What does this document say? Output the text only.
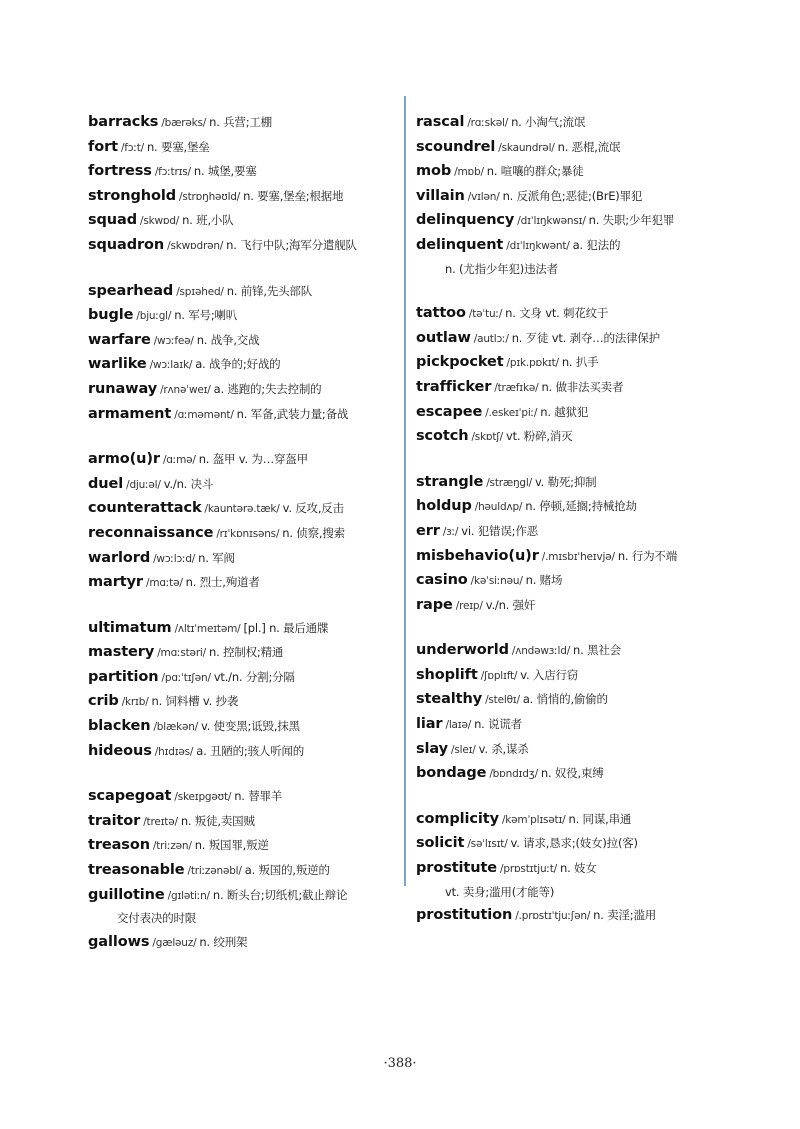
barracks /bærəks/ n. 兵营;工棚
fort /fɔːt/ n. 要塞,堡垒
fortress /fɔːtrɪs/ n. 城堡,要塞
stronghold /strɒŋhəʊld/ n. 要塞,堡垒;根据地
squad /skwɒd/ n. 班,小队
squadron /skwɒdrən/ n. 飞行中队;海军分遣舰队
spearhead /spɪəhed/ n. 前锋,先头部队
bugle /bjuːgl/ n. 军号;喇叭
warfare /wɔːfeə/ n. 战争,交战
warlike /wɔːlaɪk/ a. 战争的;好战的
runaway /rʌnəˈweɪ/ a. 逃跑的;失去控制的
armament /ɑːməmənt/ n. 军备,武装力量;备战
armo(u)r /ɑːmə/ n. 盔甲 v. 为…穿盔甲
duel /djuːəl/ v./n. 决斗
counterattack /kauntərə.tæk/ v. 反攻,反击
reconnaissance /rɪˈkɒnɪsəns/ n. 侦察,搜索
warlord /wɔːlɔːd/ n. 军阀
martyr /mɑːtə/ n. 烈士,殉道者
ultimatum /ʌltɪˈmeɪtəm/ [pl.] n. 最后通牒
mastery /mɑːstəri/ n. 控制权;精通
partition /pɑːˈtɪʃən/ vt./n. 分割;分隔
crib /krɪb/ n. 饲料槽 v. 抄袭
blacken /blækən/ v. 使变黑;诋毁,抹黑
hideous /hɪdɪəs/ a. 丑陋的;骇人听闻的
scapegoat /skeɪpgəʊt/ n. 替罪羊
traitor /treɪtə/ n. 叛徒,卖国贼
treason /triːzən/ n. 叛国罪,叛逆
treasonable /triːzənəbl/ a. 叛国的,叛逆的
guillotine /gɪlətiːn/ n. 断头台;切纸机;截止辩论
交付表决的时限
gallows /gæləuz/ n. 绞刑架
rascal /rɑːskəl/ n. 小淘气;流氓
scoundrel /skaundrəl/ n. 恶棍,流氓
mob /mɒb/ n. 喧嚷的群众;暴徒
villain /vɪlən/ n. 反派角色;恶徒;(BrE)罪犯
delinquency /dɪˈlɪŋkwənsɪ/ n. 失职;少年犯罪
delinquent /dɪˈlɪŋkwənt/ a. 犯法的
n. (尤指少年犯)违法者
tattoo /təˈtuː/ n. 文身 vt. 刺花纹于
outlaw /autlɔː/ n. 歹徒 vt. 剥夺…的法律保护
pickpocket /pɪk.pɒkɪt/ n. 扒手
trafficker /træfɪkə/ n. 做非法买卖者
escapee /.eskeɪˈpiː/ n. 越狱犯
scotch /skɒtʃ/ vt. 粉碎,消灭
strangle /stræŋgl/ v. 勒死;抑制
holdup /həuldʌp/ n. 停顿,延搁;持械抢劫
err /ɜː/ vi. 犯错误;作恶
misbehavio(u)r /.mɪsbɪˈheɪvjə/ n. 行为不端
casino /kəˈsiːnəu/ n. 赌场
rape /reɪp/ v./n. 强奸
underworld /ʌndəwɜːld/ n. 黑社会
shoplift /ʃɒplɪft/ v. 入店行窃
stealthy /stelθɪ/ a. 悄悄的,偷偷的
liar /laɪə/ n. 说谎者
slay /sleɪ/ v. 杀,谋杀
bondage /bɒndɪdʒ/ n. 奴役,束缚
complicity /kəmˈplɪsətɪ/ n. 同谋,串通
solicit /səˈlɪsɪt/ v. 请求,恳求;(妓女)拉(客)
prostitute /prɒstɪtjuːt/ n. 妓女
vt. 卖身;滥用(才能等)
prostitution /.prɒstɪˈtjuːʃən/ n. 卖淫;滥用
·388·
